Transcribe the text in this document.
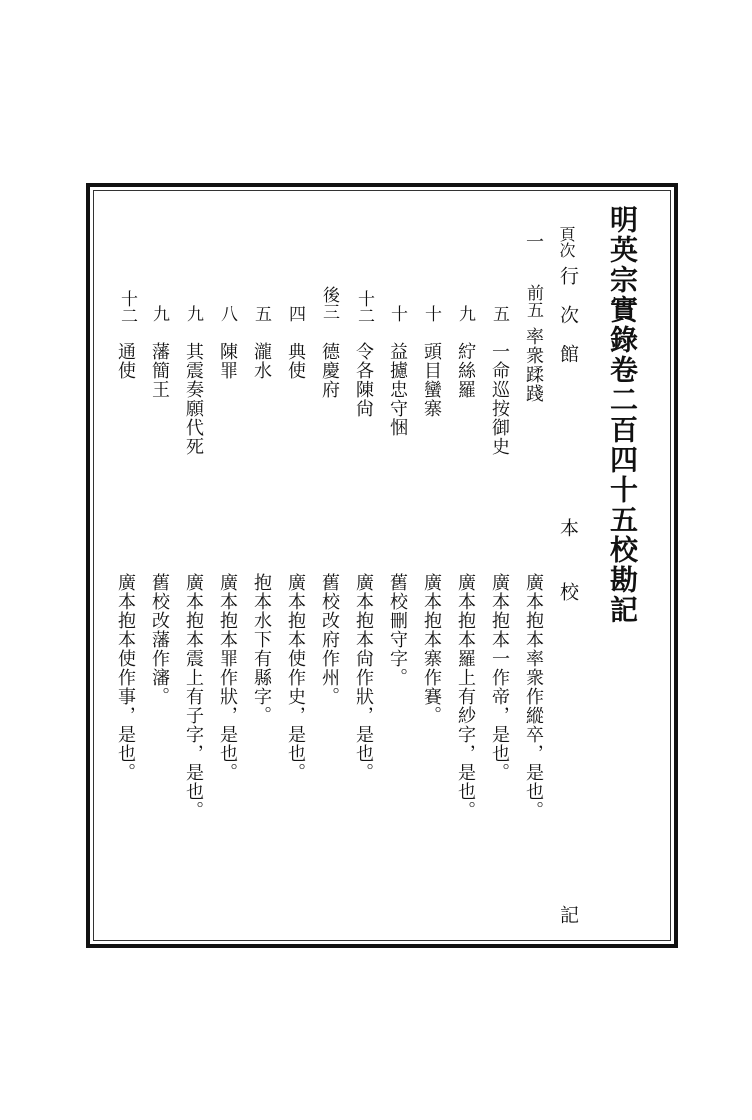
明英宗實錄卷二百四十五校勘記
頁次
行次館
本
校
記
一
前五
率衆蹂踐
廣本抱本率衆作縱卒，是也。
五
一命巡按御史
廣本抱本一作帝，是也。
九
紵絲羅
廣本抱本羅上有紗字，是也。
十
頭目蠻寨
廣本抱本寨作賽。
十
益攄忠守悃
舊校刪守字。
十二
令各陳尙
廣本抱本尙作狀，是也。
後三
德慶府
舊校改府作州。
四
典使
廣本抱本使作史，是也。
五
瀧水
抱本水下有縣字。
八
陳罪
廣本抱本罪作狀，是也。
九
其震奏願代死
廣本抱本震上有子字，是也。
九
藩簡王
舊校改藩作瀋。
十二
通使
廣本抱本使作事，是也。
